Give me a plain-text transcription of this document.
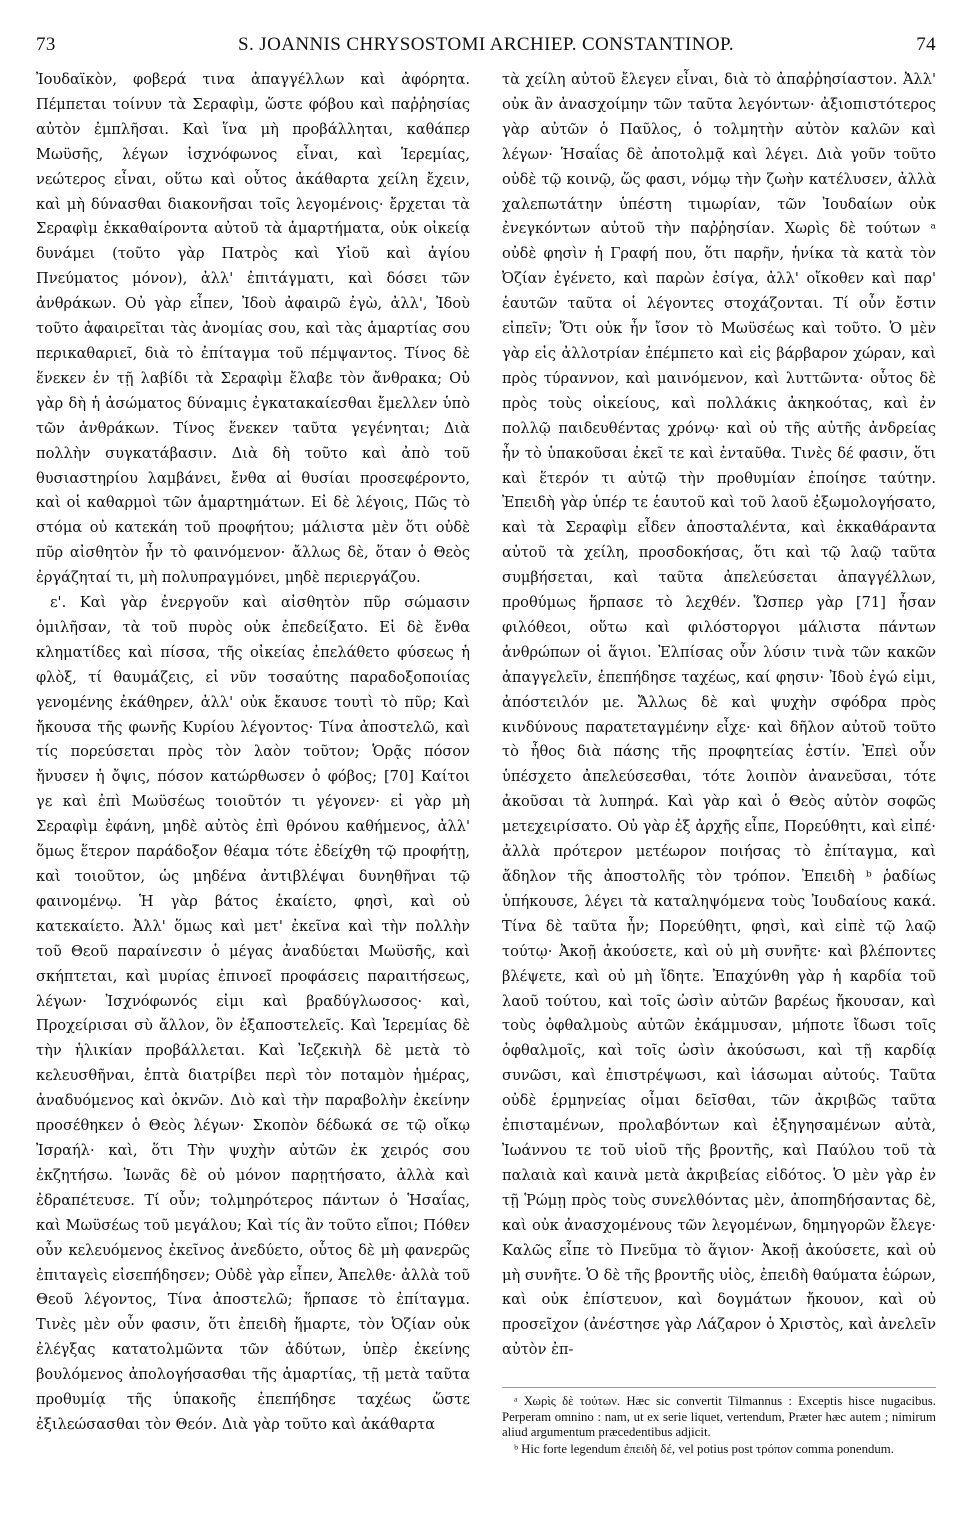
73	S. JOANNIS CHRYSOSTOMI ARCHIEP. CONSTANTINOP.	74

Ἰουδαϊκὸν, φοβερά τινα ἀπαγγέλλων καὶ ἀφόρητα. Πέμπεται τοίνυν τὰ Σεραφὶμ, ὥστε φόβου καὶ παῤῥησίας αὐτὸν ἐμπλῆσαι. Καὶ ἵνα μὴ προβάλληται, καθάπερ Μωϋσῆς, λέγων ἰσχνόφωνος εἶναι, καὶ Ἱερεμίας, νεώτερος εἶναι, οὕτω καὶ οὗτος ἀκάθαρτα χείλη ἔχειν, καὶ μὴ δύνασθαι διακονῆσαι τοῖς λεγομένοις· ἔρχεται τὰ Σεραφὶμ ἐκκαθαίροντα αὐτοῦ τὰ ἁμαρτήματα, οὐκ οἰκείᾳ δυνάμει (τοῦτο γὰρ Πατρὸς καὶ Υἱοῦ καὶ ἁγίου Πνεύματος μόνον), ἀλλ' ἐπιτάγματι, καὶ δόσει τῶν ἀνθράκων. Οὐ γὰρ εἶπεν, Ἰδοὺ ἀφαιρῶ ἐγὼ, ἀλλ', Ἰδοὺ τοῦτο ἀφαιρεῖται τὰς ἀνομίας σου, καὶ τὰς ἁμαρτίας σου περικαθαριεῖ, διὰ τὸ ἐπίταγμα τοῦ πέμψαντος. Τίνος δὲ ἕνεκεν ἐν τῇ λαβίδι τὰ Σεραφὶμ ἔλαβε τὸν ἄνθρακα; Οὐ γὰρ δὴ ἡ ἀσώματος δύναμις ἐγκατακαίεσθαι ἔμελλεν ὑπὸ τῶν ἀνθράκων. Τίνος ἕνεκεν ταῦτα γεγένηται; Διὰ πολλὴν συγκατάβασιν. Διὰ δὴ τοῦτο καὶ ἀπὸ τοῦ θυσιαστηρίου λαμβάνει, ἔνθα αἱ θυσίαι προσεφέροντο, καὶ οἱ καθαρμοὶ τῶν ἁμαρτημάτων. Εἰ δὲ λέγοις, Πῶς τὸ στόμα οὐ κατεκάη τοῦ προφήτου; μάλιστα μὲν ὅτι οὐδὲ πῦρ αἰσθητὸν ἦν τὸ φαινόμενον· ἄλλως δὲ, ὅταν ὁ Θεὸς ἐργάζηταί τι, μὴ πολυπραγμόνει, μηδὲ περιεργάζου.

ε'. Καὶ γὰρ ἐνεργοῦν καὶ αἰσθητὸν πῦρ σώμασιν ὁμιλῆσαν, τὰ τοῦ πυρὸς οὐκ ἐπεδείξατο. Εἰ δὲ ἔνθα κληματίδες καὶ πίσσα, τῆς οἰκείας ἐπελάθετο φύσεως ἡ φλὸξ, τί θαυμάζεις, εἰ νῦν τοσαύτης παραδοξοποιίας γενομένης ἐκάθηρεν, ἀλλ' οὐκ ἔκαυσε τουτὶ τὸ πῦρ; Καὶ ἤκουσα τῆς φωνῆς Κυρίου λέγοντος· Τίνα ἀποστελῶ, καὶ τίς πορεύσεται πρὸς τὸν λαὸν τοῦτον; Ὁρᾷς πόσον ἤνυσεν ἡ ὄψις, πόσον κατώρθωσεν ὁ φόβος; [70] Καίτοι γε καὶ ἐπὶ Μωϋσέως τοιοῦτόν τι γέγονεν· εἰ γὰρ μὴ Σεραφὶμ ἐφάνη, μηδὲ αὐτὸς ἐπὶ θρόνου καθήμενος, ἀλλ' ὅμως ἕτερον παράδοξον θέαμα τότε ἐδείχθη τῷ προφήτῃ, καὶ τοιοῦτον, ὡς μηδένα ἀντιβλέψαι δυνηθῆναι τῷ φαινομένῳ. Ἡ γὰρ βάτος ἐκαίετο, φησὶ, καὶ οὐ κατεκαίετο. Ἀλλ' ὅμως καὶ μετ' ἐκεῖνα καὶ τὴν πολλὴν τοῦ Θεοῦ παραίνεσιν ὁ μέγας ἀναδύεται Μωϋσῆς, καὶ σκήπτεται, καὶ μυρίας ἐπινοεῖ προφάσεις παραιτήσεως, λέγων· Ἰσχνόφωνός εἰμι καὶ βραδύγλωσσος· καὶ, Προχείρισαι σὺ ἄλλον, ὃν ἐξαποστελεῖς. Καὶ Ἱερεμίας δὲ τὴν ἡλικίαν προβάλλεται. Καὶ Ἰεζεκιὴλ δὲ μετὰ τὸ κελευσθῆναι, ἑπτὰ διατρίβει περὶ τὸν ποταμὸν ἡμέρας, ἀναδυόμενος καὶ ὀκνῶν. Διὸ καὶ τὴν παραβολὴν ἐκείνην προσέθηκεν ὁ Θεὸς λέγων· Σκοπὸν δέδωκά σε τῷ οἴκῳ Ἰσραήλ· καὶ, ὅτι Τὴν ψυχὴν αὐτῶν ἐκ χειρός σου ἐκζητήσω. Ἰωνᾶς δὲ οὐ μόνον παρῃτήσατο, ἀλλὰ καὶ ἐδραπέτευσε. Τί οὖν; τολμηρότερος πάντων ὁ Ἡσαΐας, καὶ Μωϋσέως τοῦ μεγάλου; Καὶ τίς ἂν τοῦτο εἴποι; Πόθεν οὖν κελευόμενος ἐκεῖνος ἀνεδύετο, οὗτος δὲ μὴ φανερῶς ἐπιταγεὶς εἰσεπήδησεν; Οὐδὲ γὰρ εἶπεν, Ἀπελθε· ἀλλὰ τοῦ Θεοῦ λέγοντος, Τίνα ἀποστελῶ; ἥρπασε τὸ ἐπίταγμα. Τινὲς μὲν οὖν φασιν, ὅτι ἐπειδὴ ἥμαρτε, τὸν Ὀζίαν οὐκ ἐλέγξας κατατολμῶντα τῶν ἀδύτων, ὑπὲρ ἐκείνης βουλόμενος ἀπολογήσασθαι τῆς ἁμαρτίας, τῇ μετὰ ταῦτα προθυμίᾳ τῆς ὑπακοῆς ἐπεπήδησε ταχέως ὥστε ἐξιλεώσασθαι τὸν Θεόν. Διὰ γὰρ τοῦτο καὶ ἀκάθαρτα

τὰ χείλη αὐτοῦ ἔλεγεν εἶναι, διὰ τὸ ἀπαῤῥησίαστον. Ἀλλ' οὐκ ἂν ἀνασχοίμην τῶν ταῦτα λεγόντων· ἀξιοπιστότερος γὰρ αὐτῶν ὁ Παῦλος, ὁ τολμητὴν αὐτὸν καλῶν καὶ λέγων· Ἡσαΐας δὲ ἀποτολμᾷ καὶ λέγει. Διὰ γοῦν τοῦτο οὐδὲ τῷ κοινῷ, ὥς φασι, νόμῳ τὴν ζωὴν κατέλυσεν, ἀλλὰ χαλεπωτάτην ὑπέστη τιμωρίαν, τῶν Ἰουδαίων οὐκ ἐνεγκόντων αὐτοῦ τὴν παῤῥησίαν. Χωρὶς δὲ τούτων ᵃ οὐδὲ φησὶν ἡ Γραφή που, ὅτι παρῆν, ἡνίκα τὰ κατὰ τὸν Ὀζίαν ἐγένετο, καὶ παρὼν ἐσίγα, ἀλλ' οἴκοθεν καὶ παρ' ἑαυτῶν ταῦτα οἱ λέγοντες στοχάζονται. Τί οὖν ἔστιν εἰπεῖν; Ὅτι οὐκ ἦν ἴσον τὸ Μωϋσέως καὶ τοῦτο. Ὁ μὲν γὰρ εἰς ἀλλοτρίαν ἐπέμπετο καὶ εἰς βάρβαρον χώραν, καὶ πρὸς τύραννον, καὶ μαινόμενον, καὶ λυττῶντα· οὗτος δὲ πρὸς τοὺς οἰκείους, καὶ πολλάκις ἀκηκοότας, καὶ ἐν πολλῷ παιδευθέντας χρόνῳ· καὶ οὐ τῆς αὐτῆς ἀνδρείας ἦν τὸ ὑπακοῦσαι ἐκεῖ τε καὶ ἐνταῦθα. Τινὲς δέ φασιν, ὅτι καὶ ἕτερόν τι αὐτῷ τὴν προθυμίαν ἐποίησε ταύτην. Ἐπειδὴ γὰρ ὑπέρ τε ἑαυτοῦ καὶ τοῦ λαοῦ ἐξωμολογήσατο, καὶ τὰ Σεραφὶμ εἶδεν ἀποσταλέντα, καὶ ἐκκαθάραντα αὐτοῦ τὰ χείλη, προσδοκήσας, ὅτι καὶ τῷ λαῷ ταῦτα συμβήσεται, καὶ ταῦτα ἀπελεύσεται ἀπαγγέλλων, προθύμως ἥρπασε τὸ λεχθέν. Ὥσπερ γὰρ [71] ἦσαν φιλόθεοι, οὕτω καὶ φιλόστοργοι μάλιστα πάντων ἀνθρώπων οἱ ἅγιοι. Ἐλπίσας οὖν λύσιν τινὰ τῶν κακῶν ἀπαγγελεῖν, ἐπεπήδησε ταχέως, καί φησιν· Ἰδοὺ ἐγώ εἰμι, ἀπόστειλόν με. Ἄλλως δὲ καὶ ψυχὴν σφόδρα πρὸς κινδύνους παρατεταγμένην εἶχε· καὶ δῆλον αὐτοῦ τοῦτο τὸ ἦθος διὰ πάσης τῆς προφητείας ἐστίν. Ἐπεὶ οὖν ὑπέσχετο ἀπελεύσεσθαι, τότε λοιπὸν ἀνανεῦσαι, τότε ἀκοῦσαι τὰ λυπηρά. Καὶ γὰρ καὶ ὁ Θεὸς αὐτὸν σοφῶς μετεχειρίσατο. Οὐ γὰρ ἐξ ἀρχῆς εἶπε, Πορεύθητι, καὶ εἰπέ· ἀλλὰ πρότερον μετέωρον ποιήσας τὸ ἐπίταγμα, καὶ ἄδηλον τῆς ἀποστολῆς τὸν τρόπον. Ἐπειδὴ ᵇ ῥαδίως ὑπήκουσε, λέγει τὰ καταληψόμενα τοὺς Ἰουδαίους κακά. Τίνα δὲ ταῦτα ἦν; Πορεύθητι, φησὶ, καὶ εἰπὲ τῷ λαῷ τούτῳ· Ἀκοῇ ἀκούσετε, καὶ οὐ μὴ συνῆτε· καὶ βλέποντες βλέψετε, καὶ οὐ μὴ ἴδητε. Ἐπαχύνθη γὰρ ἡ καρδία τοῦ λαοῦ τούτου, καὶ τοῖς ὠσὶν αὐτῶν βαρέως ἤκουσαν, καὶ τοὺς ὀφθαλμοὺς αὐτῶν ἐκάμμυσαν, μήποτε ἴδωσι τοῖς ὀφθαλμοῖς, καὶ τοῖς ὠσὶν ἀκούσωσι, καὶ τῇ καρδίᾳ συνῶσι, καὶ ἐπιστρέψωσι, καὶ ἰάσωμαι αὐτούς. Ταῦτα οὐδὲ ἑρμηνείας οἶμαι δεῖσθαι, τῶν ἀκριβῶς ταῦτα ἐπισταμένων, προλαβόντων καὶ ἐξηγησαμένων αὐτὰ, Ἰωάννου τε τοῦ υἱοῦ τῆς βροντῆς, καὶ Παύλου τοῦ τὰ παλαιὰ καὶ καινὰ μετὰ ἀκριβείας εἰδότος. Ὁ μὲν γὰρ ἐν τῇ Ῥώμῃ πρὸς τοὺς συνελθόντας μὲν, ἀποπηδήσαντας δὲ, καὶ οὐκ ἀνασχομένους τῶν λεγομένων, δημηγορῶν ἔλεγε· Καλῶς εἶπε τὸ Πνεῦμα τὸ ἅγιον· Ἀκοῇ ἀκούσετε, καὶ οὐ μὴ συνῆτε. Ὁ δὲ τῆς βροντῆς υἱὸς, ἐπειδὴ θαύματα ἑώρων, καὶ οὐκ ἐπίστευον, καὶ δογμάτων ἤκουον, καὶ οὐ προσεῖχον (ἀνέστησε γὰρ Λάζαρον ὁ Χριστὸς, καὶ ἀνελεῖν αὐτὸν ἐπ-

ᵃ Χωρὶς δὲ τούτων. Hæc sic convertit Tilmannus : Exceptis hisce nugacibus. Perperam omnino : nam, ut ex serie liquet, vertendum, Præter hæc autem ; nimirum aliud argumentum præcedentibus adjicit.

ᵇ Hic forte legendum ἐπειδὴ δέ, vel potius post τρόπον comma ponendum.
